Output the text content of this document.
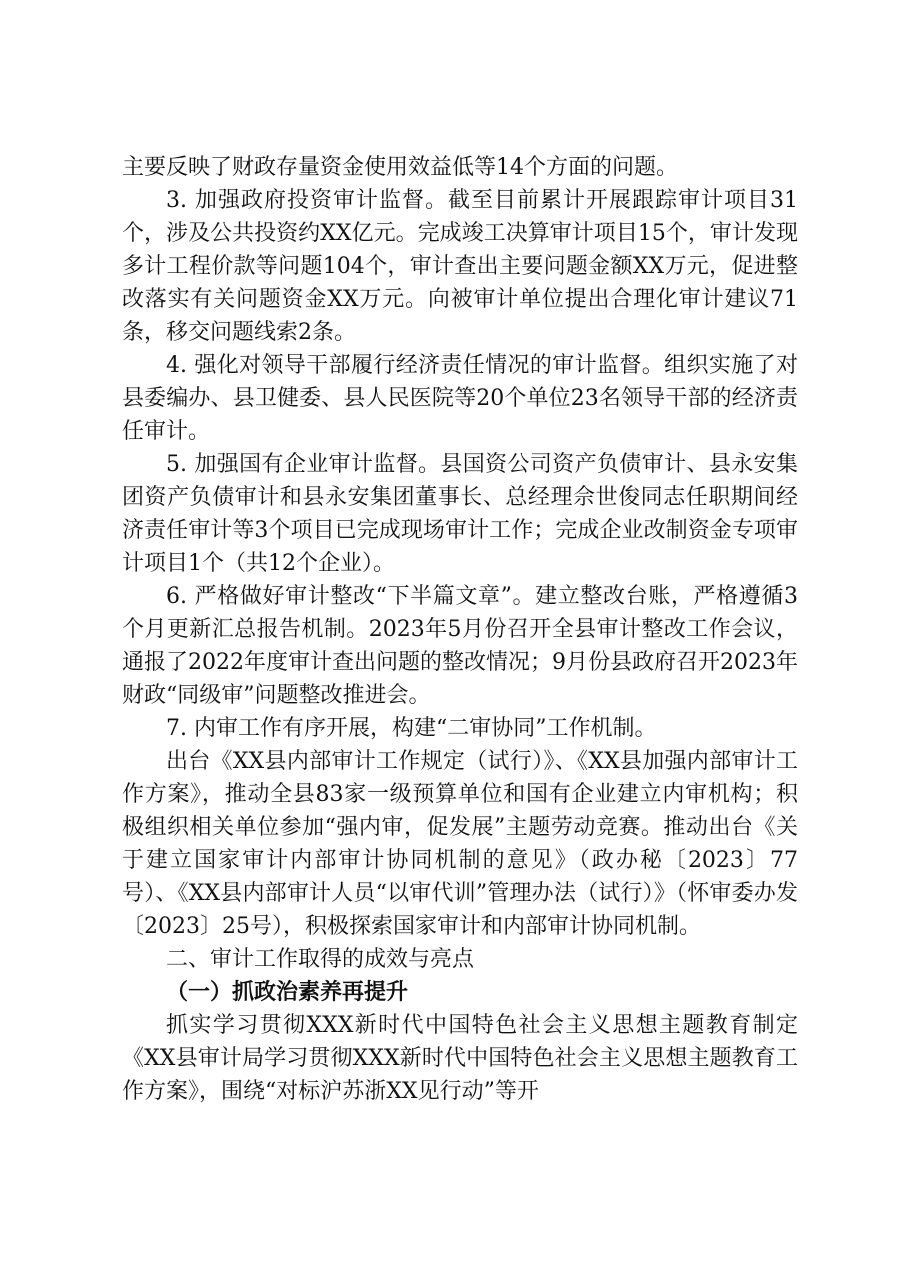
主要反映了财政存量资金使用效益低等14个方面的问题。

3. 加强政府投资审计监督。截至目前累计开展跟踪审计项目31个，涉及公共投资约XX亿元。完成竣工决算审计项目15个，审计发现多计工程价款等问题104个，审计查出主要问题金额XX万元，促进整改落实有关问题资金XX万元。向被审计单位提出合理化审计建议71条，移交问题线索2条。

4. 强化对领导干部履行经济责任情况的审计监督。组织实施了对县委编办、县卫健委、县人民医院等20个单位23名领导干部的经济责任审计。

5. 加强国有企业审计监督。县国资公司资产负债审计、县永安集团资产负债审计和县永安集团董事长、总经理佘世俊同志任职期间经济责任审计等3个项目已完成现场审计工作；完成企业改制资金专项审计项目1个（共12个企业）。

6. 严格做好审计整改“下半篇文章”。建立整改台账，严格遵循3个月更新汇总报告机制。2023年5月份召开全县审计整改工作会议，通报了2022年度审计查出问题的整改情况；9月份县政府召开2023年财政“同级审”问题整改推进会。

7. 内审工作有序开展，构建“二审协同”工作机制。

出台《XX县内部审计工作规定（试行）》、《XX县加强内部审计工作方案》，推动全县83家一级预算单位和国有企业建立内审机构；积极组织相关单位参加“强内审，促发展”主题劳动竞赛。推动出台《关于建立国家审计内部审计协同机制的意见》（政办秘〔2023〕77号）、《XX县内部审计人员“以审代训”管理办法（试行）》（怀审委办发〔2023〕25号），积极探索国家审计和内部审计协同机制。

二、审计工作取得的成效与亮点
（一）抓政治素养再提升

抓实学习贯彻XXX新时代中国特色社会主义思想主题教育制定《XX县审计局学习贯彻XXX新时代中国特色社会主义思想主题教育工作方案》，围绕“对标沪苏浙XX见行动”等开
